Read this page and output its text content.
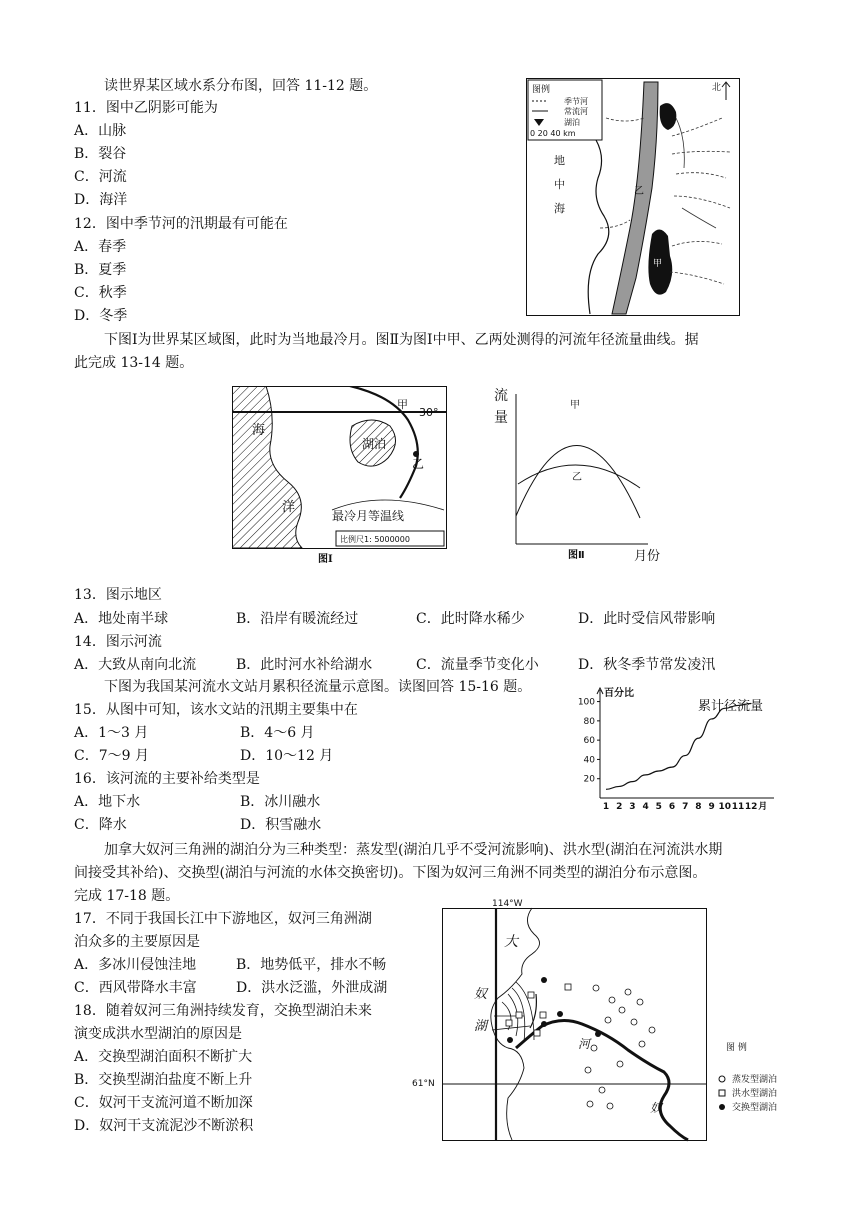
读世界某区域水系分布图，回答 11-12 题。
11．图中乙阴影可能为
A．山脉
B．裂谷
C．河流
D．海洋
12．图中季节河的汛期最有可能在
A．春季
B．夏季
C．秋季
D．冬季
图例
季节河
常流河
湖泊
0 20 40 km
北
地
中
海
乙
甲
下图Ⅰ为世界某区域图，此时为当地最冷月。图Ⅱ为图Ⅰ中甲、乙两处测得的河流年径流量曲线。据
此完成 13-14 题。
甲
30°
海
湖泊
乙
洋
最冷月等温线
比例尺1: 5000000
图Ⅰ
流
量
甲
乙
图Ⅱ	月份
13．图示地区
A．地处南半球	B．沿岸有暖流经过	C．此时降水稀少	D．此时受信风带影响
14．图示河流
A．大致从南向北流	B．此时河水补给湖水	C．流量季节变化小	D．秋冬季节常发凌汛
下图为我国某河流水文站月累积径流量示意图。读图回答 15-16 题。
15．从图中可知，该水文站的汛期主要集中在
A．1～3 月	B．4～6 月
C．7～9 月	D．10～12 月
16．该河流的主要补给类型是
A．地下水	B．冰川融水
C．降水	D．积雪融水
百分比
累计径流量
20
40
60
80
100
1 2 3 4 5 6 7 8 9 10 11 12 月
加拿大奴河三角洲的湖泊分为三种类型：蒸发型(湖泊几乎不受河流影响)、洪水型(湖泊在河流洪水期
间接受其补给)、交换型(湖泊与河流的水体交换密切)。下图为奴河三角洲不同类型的湖泊分布示意图。
完成 17-18 题。
17．不同于我国长江中下游地区，奴河三角洲湖
泊众多的主要原因是
A．多冰川侵蚀洼地	B．地势低平，排水不畅
C．西风带降水丰富	D．洪水泛滥，外泄成湖
18．随着奴河三角洲持续发育，交换型湖泊未来
演变成洪水型湖泊的原因是
A．交换型湖泊面积不断扩大
B．交换型湖泊盐度不断上升
C．奴河干支流河道不断加深
D．奴河干支流泥沙不断淤积
114°W
61°N
大
奴
湖
河
奴
图 例
蒸发型湖泊
洪水型湖泊
交换型湖泊
